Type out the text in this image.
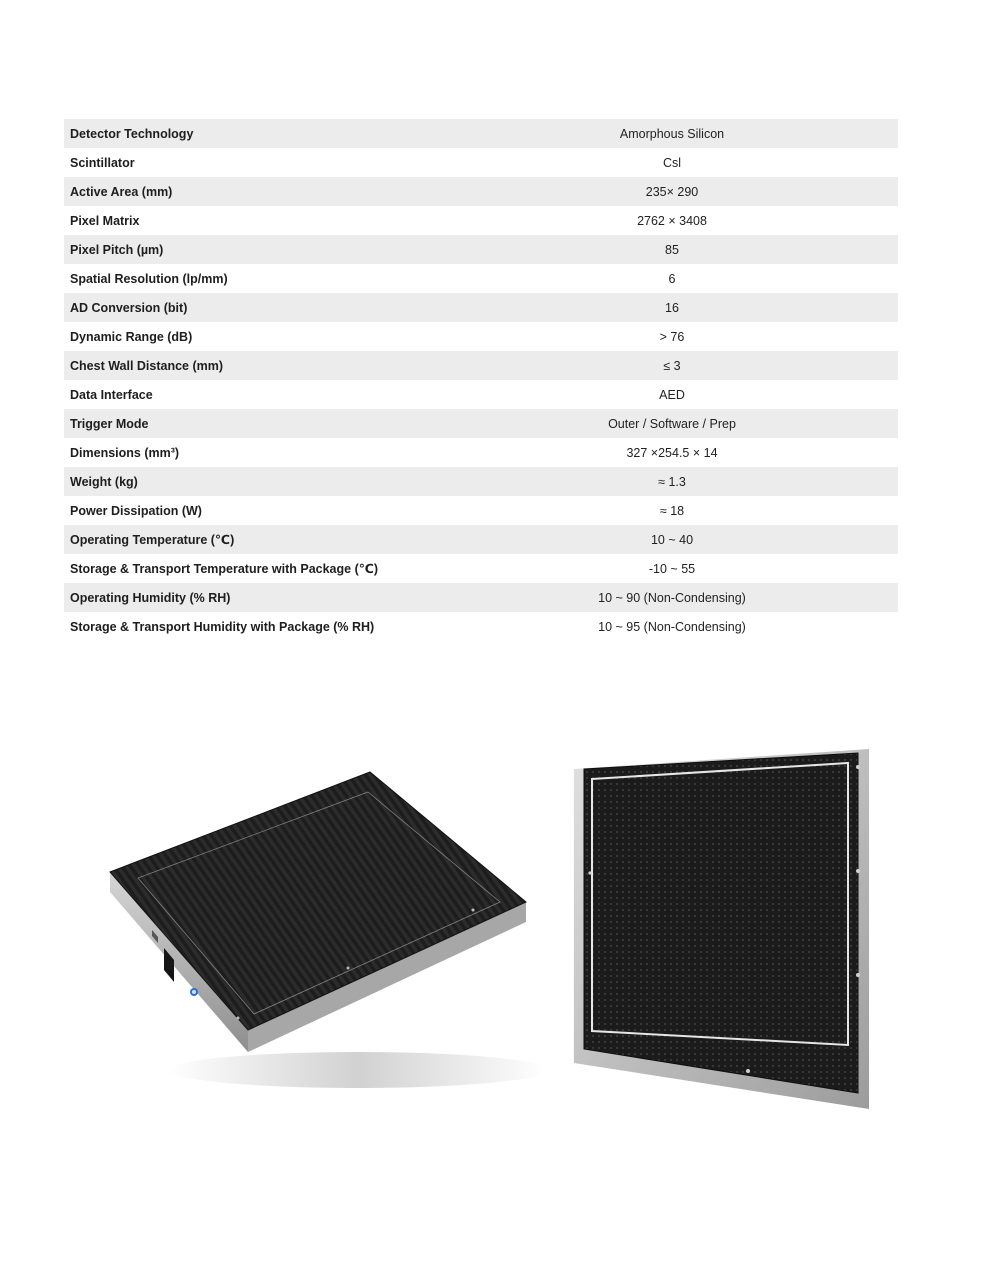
Detector Technology	Amorphous Silicon
Scintillator	Csl
Active Area (mm)	235× 290
Pixel Matrix	2762 × 3408
Pixel Pitch (µm)	85
Spatial Resolution (lp/mm)	6
AD Conversion (bit)	16
Dynamic Range (dB)	> 76
Chest Wall Distance (mm)	≤ 3
Data Interface	AED
Trigger Mode	Outer / Software / Prep
Dimensions (mm³)	327 ×254.5 × 14
Weight (kg)	≈ 1.3
Power Dissipation (W)	≈ 18
Operating Temperature (℃)	10 ~ 40
Storage & Transport Temperature with Package (℃)	-10 ~ 55
Operating Humidity (% RH)	10 ~ 90 (Non-Condensing)
Storage & Transport Humidity with Package (% RH)	10 ~ 95 (Non-Condensing)
